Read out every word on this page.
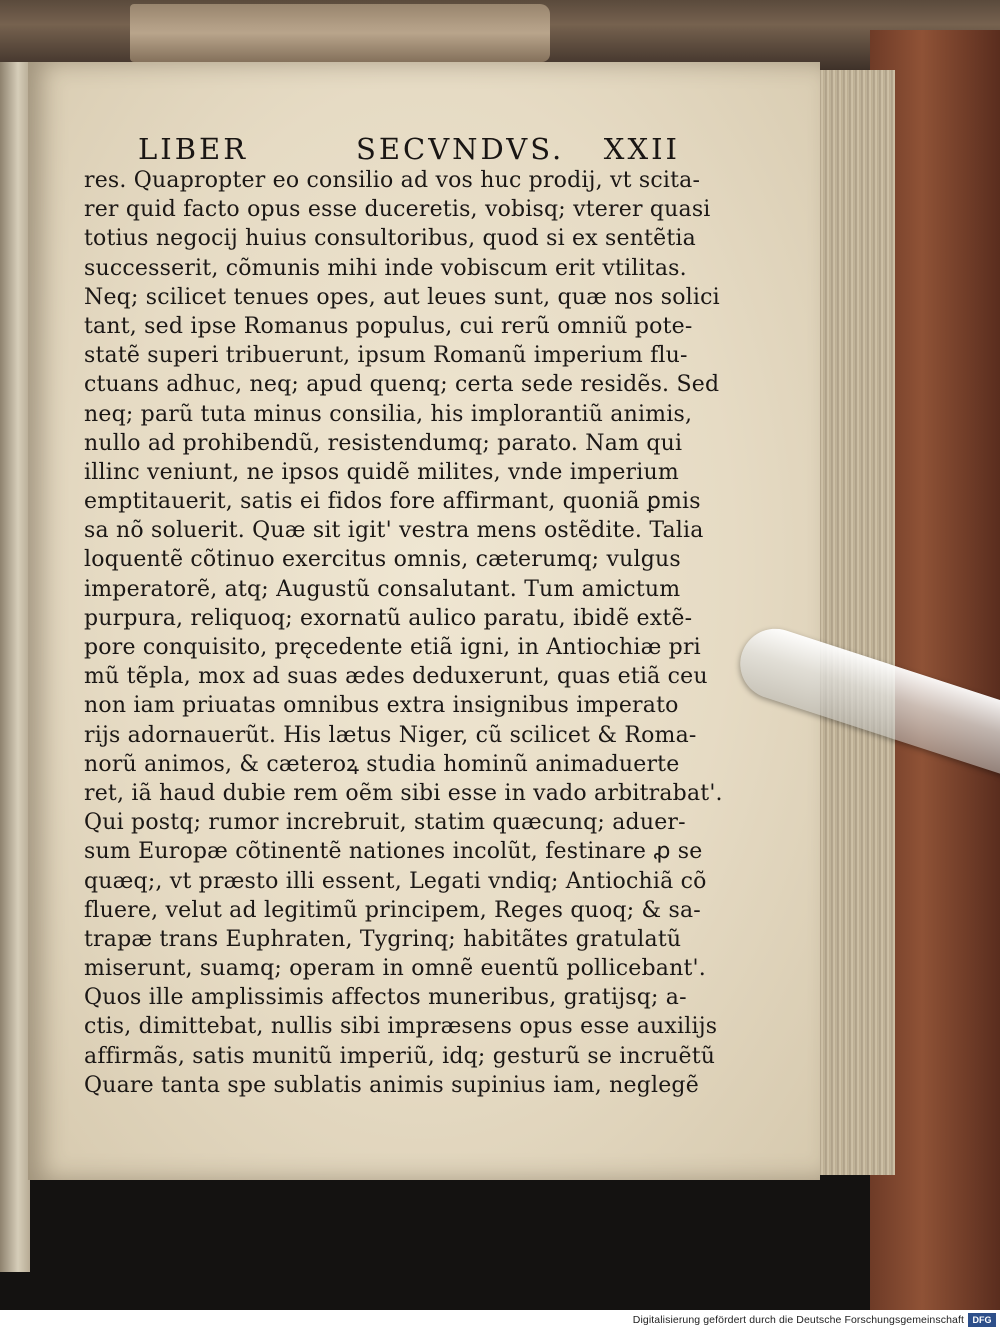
LIBER	SECVNDVS. XXII
res. Quapropter eo consilio ad vos huc prodij, vt scita-
rer quid facto opus esse duceretis, vobisq; vterer quasi
totius negocij huius consultoribus, quod si ex sentẽtia
successerit, cõmunis mihi inde vobiscum erit vtilitas.
Neq; scilicet tenues opes, aut leues sunt, quæ nos solici
tant, sed ipse Romanus populus, cui rerũ omniũ pote-
statẽ superi tribuerunt, ipsum Romanũ imperium flu-
ctuans adhuc, neq; apud quenq; certa sede residẽs. Sed
neq; parũ tuta minus consilia, his implorantiũ animis,
nullo ad prohibendũ, resistendumq; parato. Nam qui
illinc veniunt, ne ipsos quidẽ milites, vnde imperium
emptitauerit, satis ei fidos fore affirmant, quoniã ꝑmis
sa nõ soluerit. Quæ sit igit' vestra mens ostẽdite. Talia
loquentẽ cõtinuo exercitus omnis, cæterumq; vulgus
imperatorẽ, atq; Augustũ consalutant. Tum amictum
purpura, reliquoq; exornatũ aulico paratu, ibidẽ extẽ-
pore conquisito, pręcedente etiã igni, in Antiochiæ pri
mũ tẽpla, mox ad suas ædes deduxerunt, quas etiã ceu
non iam priuatas omnibus extra insignibus imperato
rijs adornauerũt. His lætus Niger, cũ scilicet & Roma-
norũ animos, & cæteroꝝ studia hominũ animaduerte
ret, iã haud dubie rem oẽm sibi esse in vado arbitrabat'.
Qui postq; rumor increbruit, statim quæcunq; aduer-
sum Europæ cõtinentẽ nationes incolũt, festinare ꝓ se
quæq;, vt præsto illi essent, Legati vndiq; Antiochiã cõ
fluere, velut ad legitimũ principem, Reges quoq; & sa-
trapæ trans Euphraten, Tygrinq; habitãtes gratulatũ
miserunt, suamq; operam in omnẽ euentũ pollicebant'.
Quos ille amplissimis affectos muneribus, gratijsq; a-
ctis, dimittebat, nullis sibi impræsens opus esse auxilijs
affirmãs, satis munitũ imperiũ, idq; gesturũ se incruẽtũ
Quare tanta spe sublatis animis supinius iam, neglegẽ
Digitalisierung gefördert durch die Deutsche Forschungsgemeinschaft DFG
